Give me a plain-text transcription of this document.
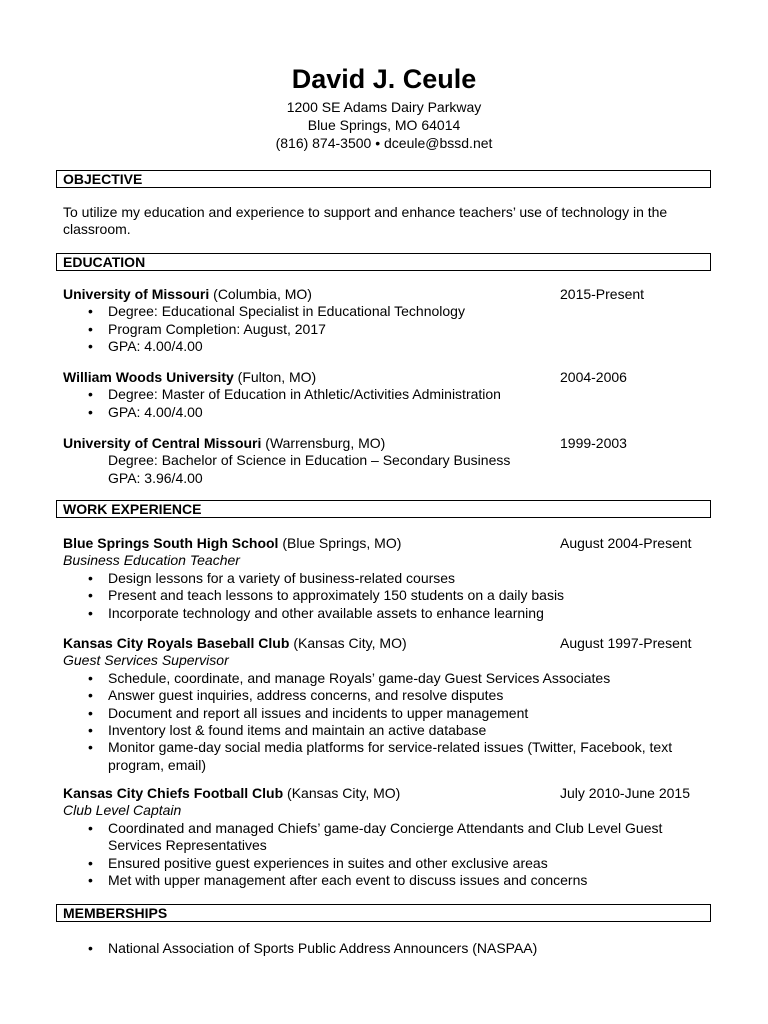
David J. Ceule
1200 SE Adams Dairy Parkway
Blue Springs, MO 64014
(816) 874-3500 • dceule@bssd.net
OBJECTIVE
To utilize my education and experience to support and enhance teachers’ use of technology in the classroom.
EDUCATION
University of Missouri (Columbia, MO)	2015-Present
• Degree: Educational Specialist in Educational Technology
• Program Completion: August, 2017
• GPA: 4.00/4.00
William Woods University (Fulton, MO)	2004-2006
• Degree: Master of Education in Athletic/Activities Administration
• GPA: 4.00/4.00
University of Central Missouri (Warrensburg, MO)	1999-2003
Degree: Bachelor of Science in Education – Secondary Business
GPA: 3.96/4.00
WORK EXPERIENCE
Blue Springs South High School (Blue Springs, MO)	August 2004-Present
Business Education Teacher
• Design lessons for a variety of business-related courses
• Present and teach lessons to approximately 150 students on a daily basis
• Incorporate technology and other available assets to enhance learning
Kansas City Royals Baseball Club (Kansas City, MO)	August 1997-Present
Guest Services Supervisor
• Schedule, coordinate, and manage Royals’ game-day Guest Services Associates
• Answer guest inquiries, address concerns, and resolve disputes
• Document and report all issues and incidents to upper management
• Inventory lost & found items and maintain an active database
• Monitor game-day social media platforms for service-related issues (Twitter, Facebook, text
program, email)
Kansas City Chiefs Football Club (Kansas City, MO)	July 2010-June 2015
Club Level Captain
• Coordinated and managed Chiefs’ game-day Concierge Attendants and Club Level Guest
Services Representatives
• Ensured positive guest experiences in suites and other exclusive areas
• Met with upper management after each event to discuss issues and concerns
MEMBERSHIPS
• National Association of Sports Public Address Announcers (NASPAA)
